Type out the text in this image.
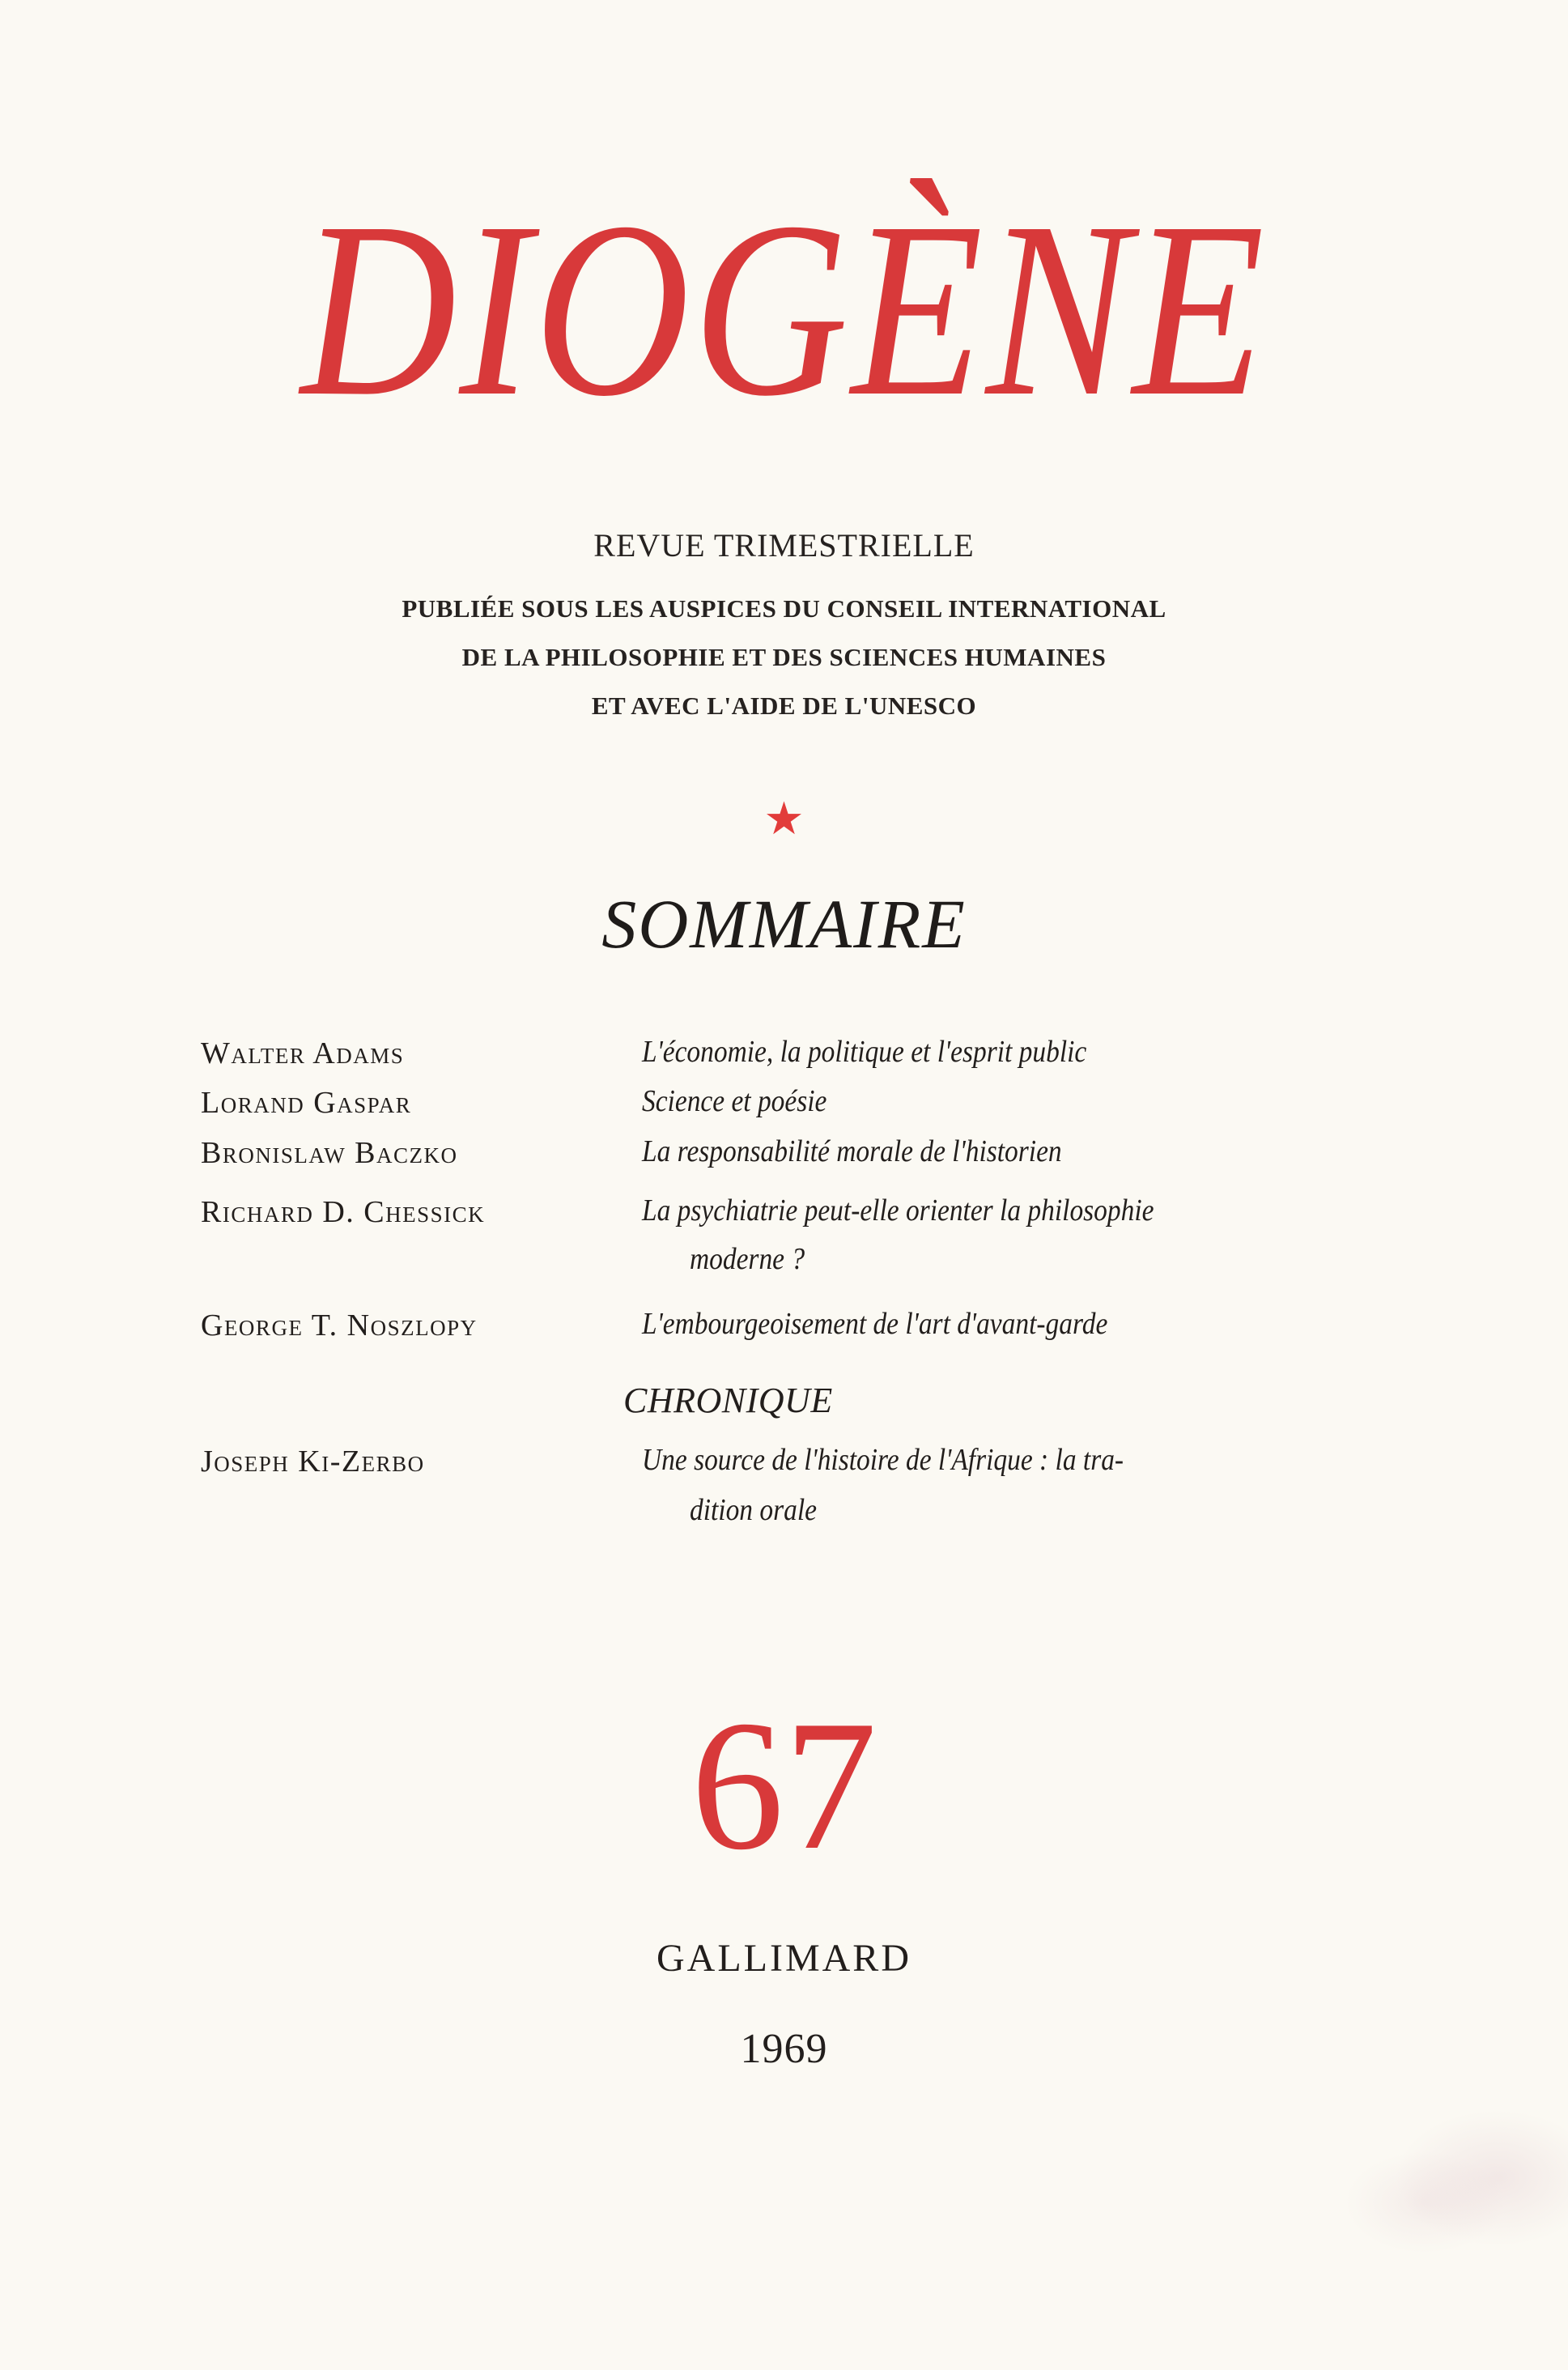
DIOGÈNE
REVUE TRIMESTRIELLE
PUBLIÉE SOUS LES AUSPICES DU CONSEIL INTERNATIONAL
DE LA PHILOSOPHIE ET DES SCIENCES HUMAINES
ET AVEC L'AIDE DE L'UNESCO
★
SOMMAIRE
Walter Adams	L'économie, la politique et l'esprit public
Lorand Gaspar	Science et poésie
Bronislaw Baczko	La responsabilité morale de l'historien
Richard D. Chessick	La psychiatrie peut-elle orienter la philosophie
moderne ?
George T. Noszlopy	L'embourgeoisement de l'art d'avant-garde
CHRONIQUE
Joseph Ki-Zerbo	Une source de l'histoire de l'Afrique : la tra-
dition orale
67
GALLIMARD
1969
